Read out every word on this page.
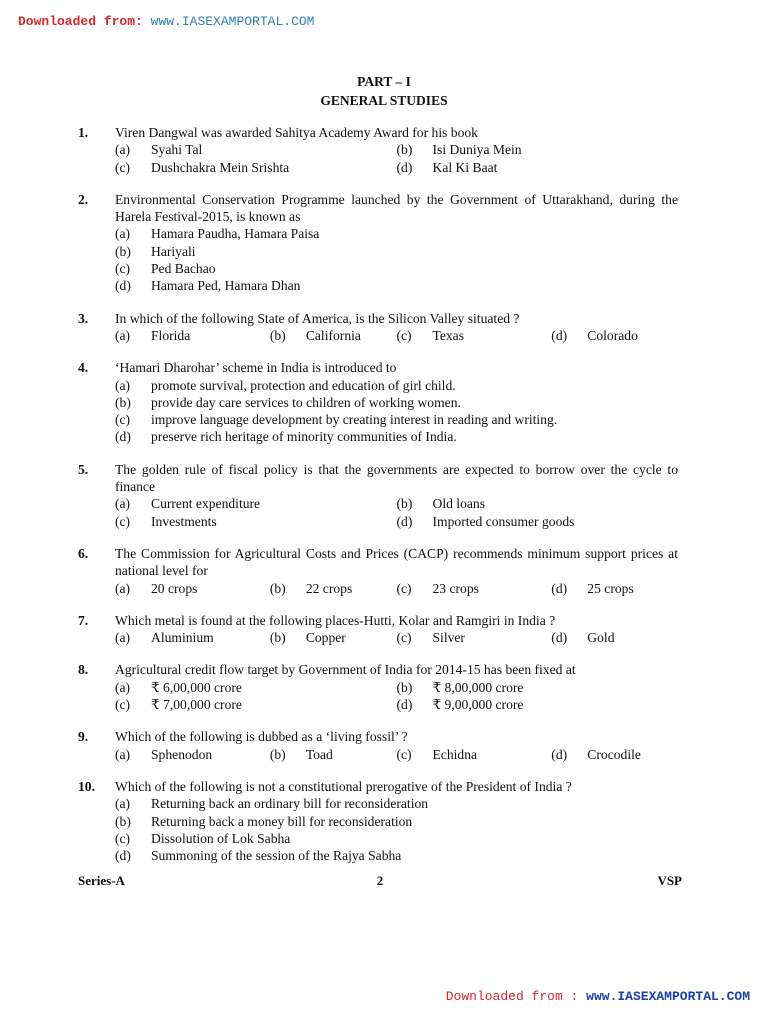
Downloaded from: www.IASEXAMPORTAL.COM
PART – I
GENERAL STUDIES
1.	Viren Dangwal was awarded Sahitya Academy Award for his book
(a)	Syahi Tal	(b)	Isi Duniya Mein
(c)	Dushchakra Mein Srishta	(d)	Kal Ki Baat
2.	Environmental Conservation Programme launched by the Government of Uttarakhand, during the Harela Festival-2015, is known as
(a)	Hamara Paudha, Hamara Paisa
(b)	Hariyali
(c)	Ped Bachao
(d)	Hamara Ped, Hamara Dhan
3.	In which of the following State of America, is the Silicon Valley situated ?
(a)	Florida	(b)	California	(c)	Texas	(d)	Colorado
4.	‘Hamari Dharohar’ scheme in India is introduced to
(a)	promote survival, protection and education of girl child.
(b)	provide day care services to children of working women.
(c)	improve language development by creating interest in reading and writing.
(d)	preserve rich heritage of minority communities of India.
5.	The golden rule of fiscal policy is that the governments are expected to borrow over the cycle to finance
(a)	Current expenditure	(b)	Old loans
(c)	Investments	(d)	Imported consumer goods
6.	The Commission for Agricultural Costs and Prices (CACP) recommends minimum support prices at national level for
(a)	20 crops	(b)	22 crops	(c)	23 crops	(d)	25 crops
7.	Which metal is found at the following places-Hutti, Kolar and Ramgiri in India ?
(a)	Aluminium	(b)	Copper	(c)	Silver	(d)	Gold
8.	Agricultural credit flow target by Government of India for 2014-15 has been fixed at
(a)	₹ 6,00,000 crore	(b)	₹ 8,00,000 crore
(c)	₹ 7,00,000 crore	(d)	₹ 9,00,000 crore
9.	Which of the following is dubbed as a ‘living fossil’ ?
(a)	Sphenodon	(b)	Toad	(c)	Echidna	(d)	Crocodile
10.	Which of the following is not a constitutional prerogative of the President of India ?
(a)	Returning back an ordinary bill for reconsideration
(b)	Returning back a money bill for reconsideration
(c)	Dissolution of Lok Sabha
(d)	Summoning of the session of the Rajya Sabha
Series-A	2	VSP
Downloaded from : www.IASEXAMPORTAL.COM
